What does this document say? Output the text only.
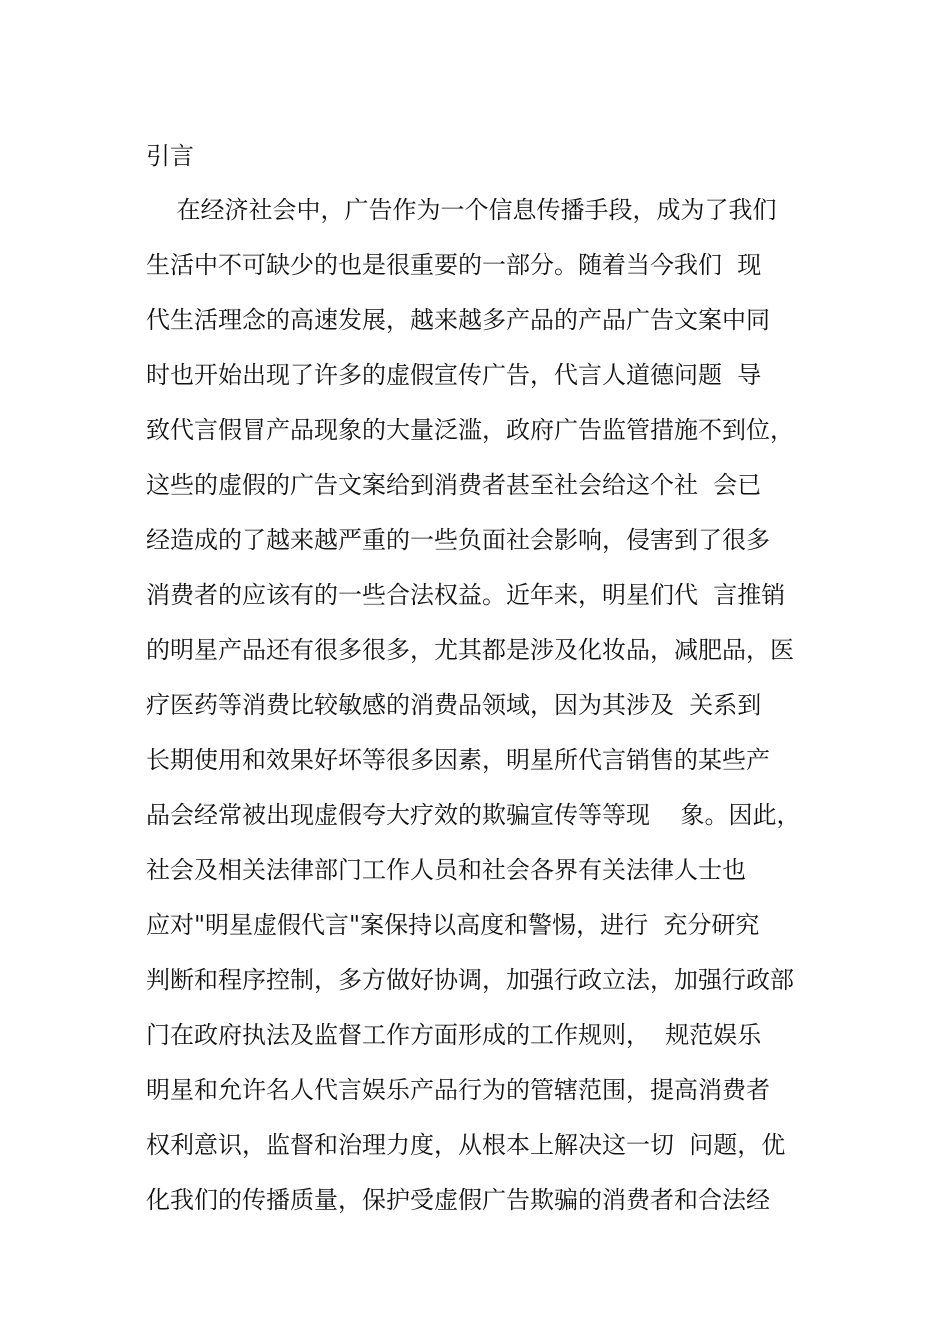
引言
在经济社会中，广告作为一个信息传播手段，成为了我们
生活中不可缺少的也是很重要的一部分。随着当今我们  现
代生活理念的高速发展，越来越多产品的产品广告文案中同
时也开始出现了许多的虚假宣传广告，代言人道德问题  导
致代言假冒产品现象的大量泛滥，政府广告监管措施不到位，
这些的虚假的广告文案给到消费者甚至社会给这个社  会已
经造成的了越来越严重的一些负面社会影响，侵害到了很多
消费者的应该有的一些合法权益。近年来，明星们代  言推销
的明星产品还有很多很多，尤其都是涉及化妆品，减肥品，医
疗医药等消费比较敏感的消费品领域，因为其涉及  关系到
长期使用和效果好坏等很多因素，明星所代言销售的某些产
品会经常被出现虚假夸大疗效的欺骗宣传等等现    象。因此，
社会及相关法律部门工作人员和社会各界有关法律人士也
应对"明星虚假代言"案保持以高度和警惕，进行  充分研究
判断和程序控制，多方做好协调，加强行政立法，加强行政部
门在政府执法及监督工作方面形成的工作规则，  规范娱乐
明星和允许名人代言娱乐产品行为的管辖范围，提高消费者
权利意识，监督和治理力度，从根本上解决这一切  问题，优
化我们的传播质量，保护受虚假广告欺骗的消费者和合法经
